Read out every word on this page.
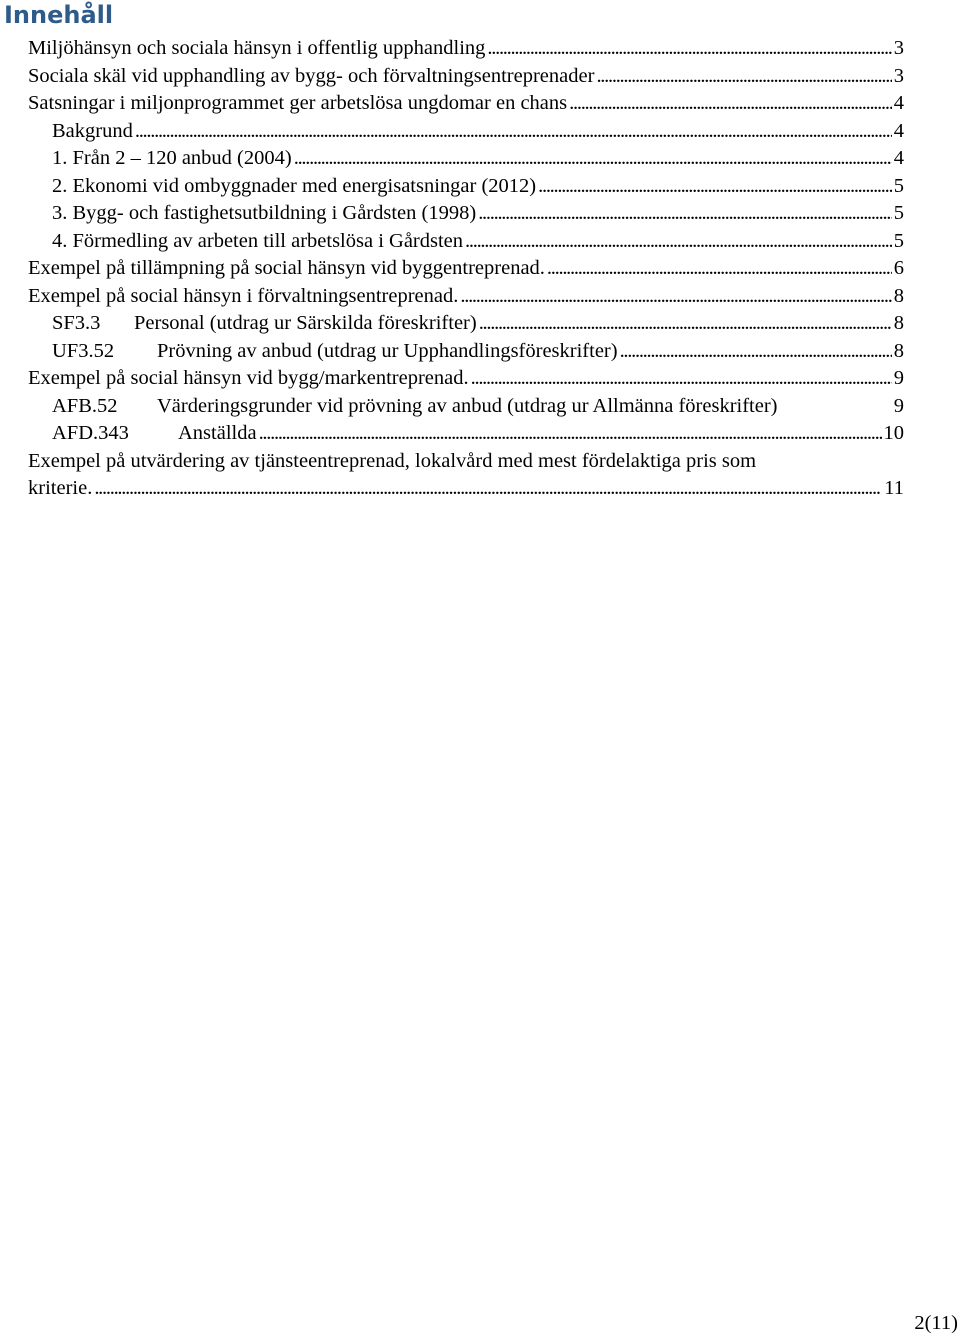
Innehåll
Miljöhänsyn och sociala hänsyn i offentlig upphandling . . .	3
Sociala skäl vid upphandling av bygg- och förvaltningsentreprenader . . .	3
Satsningar i miljonprogrammet ger arbetslösa ungdomar en chans . . .	4
Bakgrund . . .	4
1. Från 2 – 120 anbud (2004) . . .	4
2. Ekonomi vid ombyggnader med energisatsningar (2012) . . .	5
3. Bygg- och fastighetsutbildning i Gårdsten (1998) . . .	5
4. Förmedling av arbeten till arbetslösa i Gårdsten . . .	5
Exempel på tillämpning på social hänsyn vid byggentreprenad. . . .	6
Exempel på social hänsyn i förvaltningsentreprenad. . . .	8
SF3.3 Personal (utdrag ur Särskilda föreskrifter) . . .	8
UF3.52 Prövning av anbud (utdrag ur Upphandlingsföreskrifter) . . .	8
Exempel på social hänsyn vid bygg/markentreprenad. . . .	9
AFB.52 Värderingsgrunder vid prövning av anbud (utdrag ur Allmänna föreskrifter)	9
AFD.343 Anställda . . .	10
Exempel på utvärdering av tjänsteentreprenad, lokalvård med mest fördelaktiga pris som
kriterie. . . .	11
2(11)
